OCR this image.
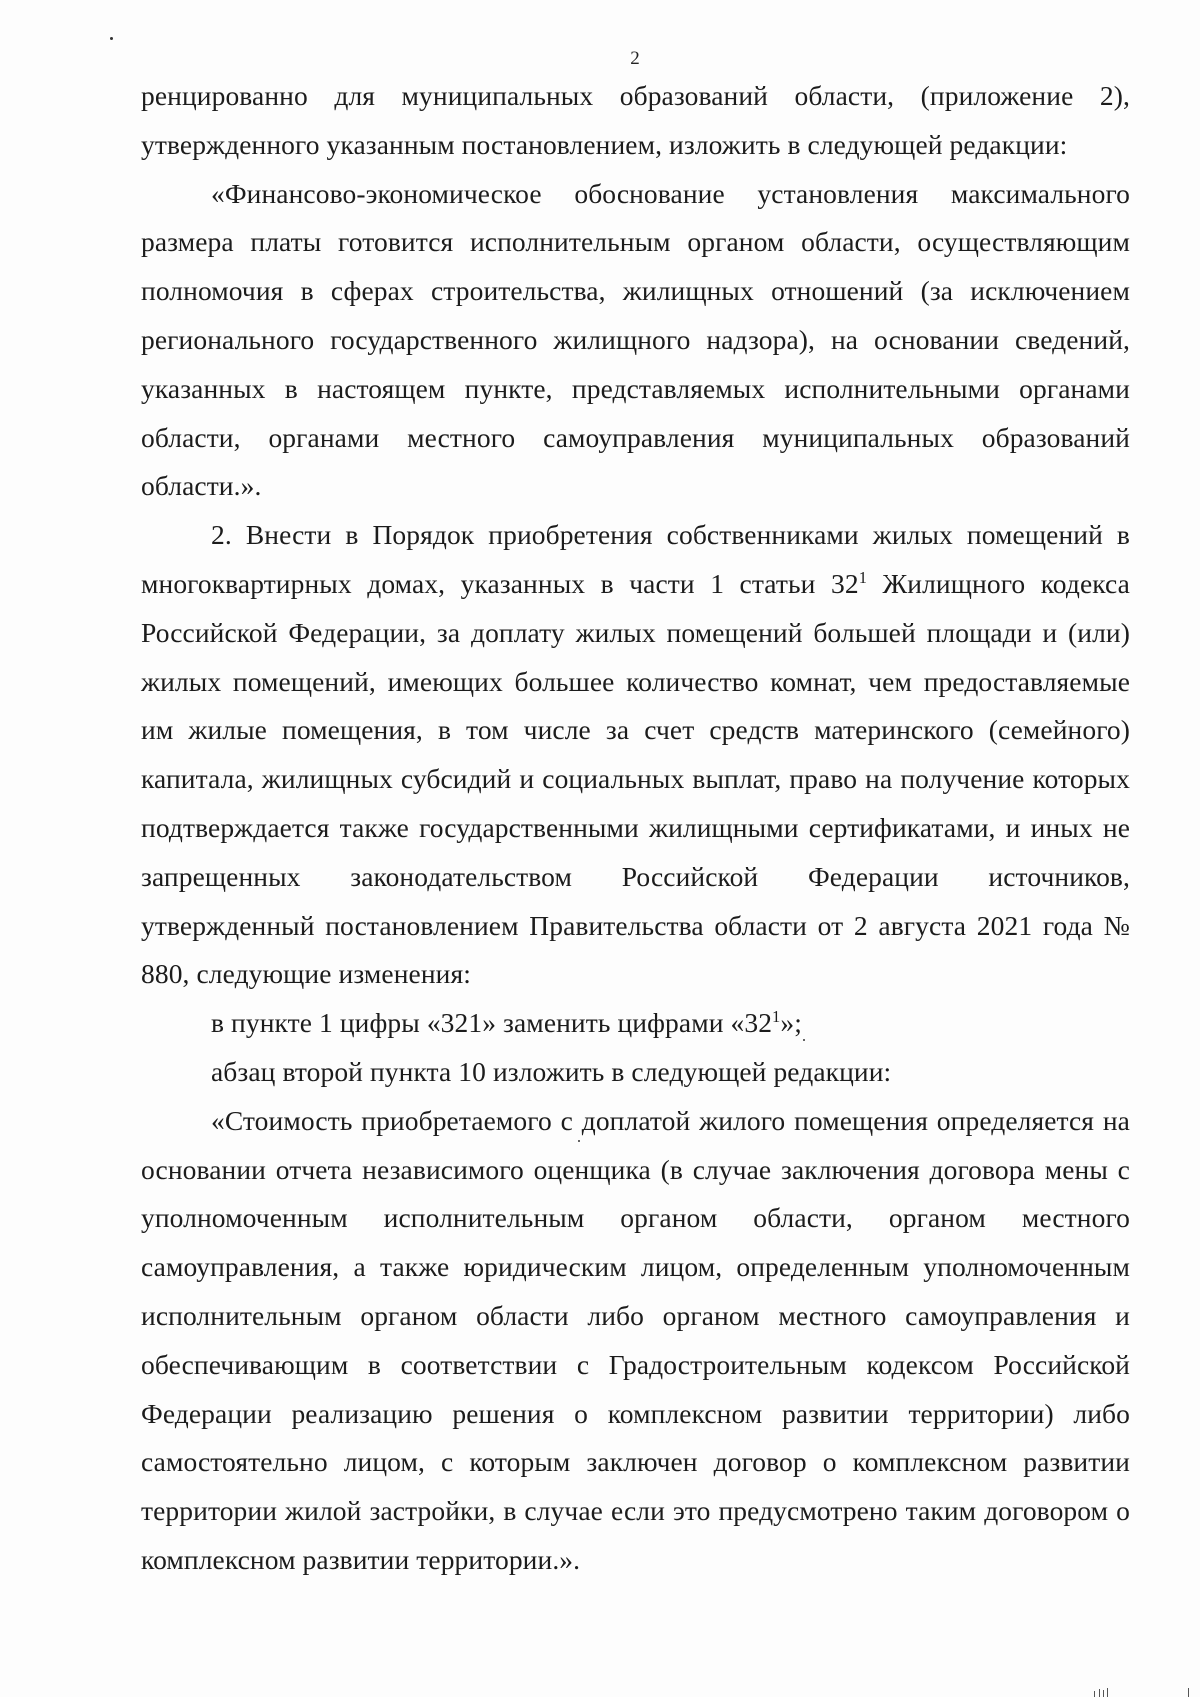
2

ренцированно для муниципальных образований области, (приложение 2), утвержденного указанным постановлением, изложить в следующей редакции:

«Финансово-экономическое обоснование установления максимального размера платы готовится исполнительным органом области, осуществляющим полномочия в сферах строительства, жилищных отношений (за исключением регионального государственного жилищного надзора), на основании сведений, указанных в настоящем пункте, представляемых исполнительными органами области, органами местного самоуправления муниципальных образований области.».

2. Внести в Порядок приобретения собственниками жилых помещений в многоквартирных домах, указанных в части 1 статьи $32^1$ Жилищного кодекса Российской Федерации, за доплату жилых помещений большей площади и (или) жилых помещений, имеющих большее количество комнат, чем предоставляемые им жилые помещения, в том числе за счет средств материнского (семейного) капитала, жилищных субсидий и социальных выплат, право на получение которых подтверждается также государственными жилищными сертификатами, и иных не запрещенных законодательством Российской Федерации источников, утвержденный постановлением Правительства области от 2 августа 2021 года № 880, следующие изменения:

в пункте 1 цифры «321» заменить цифрами «$32^1$»;

абзац второй пункта 10 изложить в следующей редакции:

«Стоимость приобретаемого с доплатой жилого помещения определяется на основании отчета независимого оценщика (в случае заключения договора мены с уполномоченным исполнительным органом области, органом местного самоуправления, а также юридическим лицом, определенным уполномоченным исполнительным органом области либо органом местного самоуправления и обеспечивающим в соответствии с Градостроительным кодексом Российской Федерации реализацию решения о комплексном развитии территории) либо самостоятельно лицом, с которым заключен договор о комплексном развитии территории жилой застройки, в случае если это предусмотрено таким договором о комплексном развитии территории.».
